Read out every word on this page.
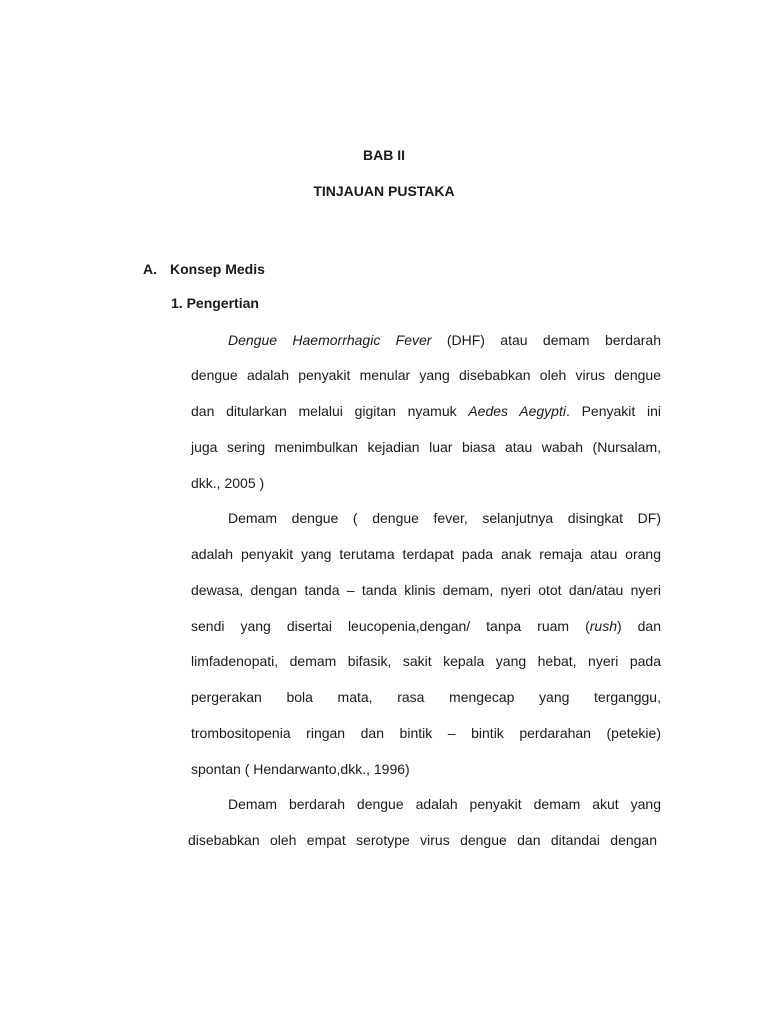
BAB II
TINJAUAN PUSTAKA
A. Konsep Medis
1. Pengertian

Dengue Haemorrhagic Fever (DHF) atau demam berdarah

dengue adalah penyakit menular yang disebabkan oleh virus dengue

dan ditularkan melalui gigitan nyamuk Aedes Aegypti. Penyakit ini

juga sering menimbulkan kejadian luar biasa atau wabah (Nursalam,

dkk., 2005 )

Demam dengue ( dengue fever, selanjutnya disingkat DF)

adalah penyakit yang terutama terdapat pada anak remaja atau orang

dewasa, dengan tanda – tanda klinis demam, nyeri otot dan/atau nyeri

sendi yang disertai leucopenia,dengan/ tanpa ruam (rush) dan

limfadenopati, demam bifasik, sakit kepala yang hebat, nyeri pada

pergerakan bola mata, rasa mengecap yang terganggu,

trombositopenia ringan dan bintik – bintik perdarahan (petekie)

spontan ( Hendarwanto,dkk., 1996)

Demam berdarah dengue adalah penyakit demam akut yang

disebabkan oleh empat serotype virus dengue dan ditandai dengan
